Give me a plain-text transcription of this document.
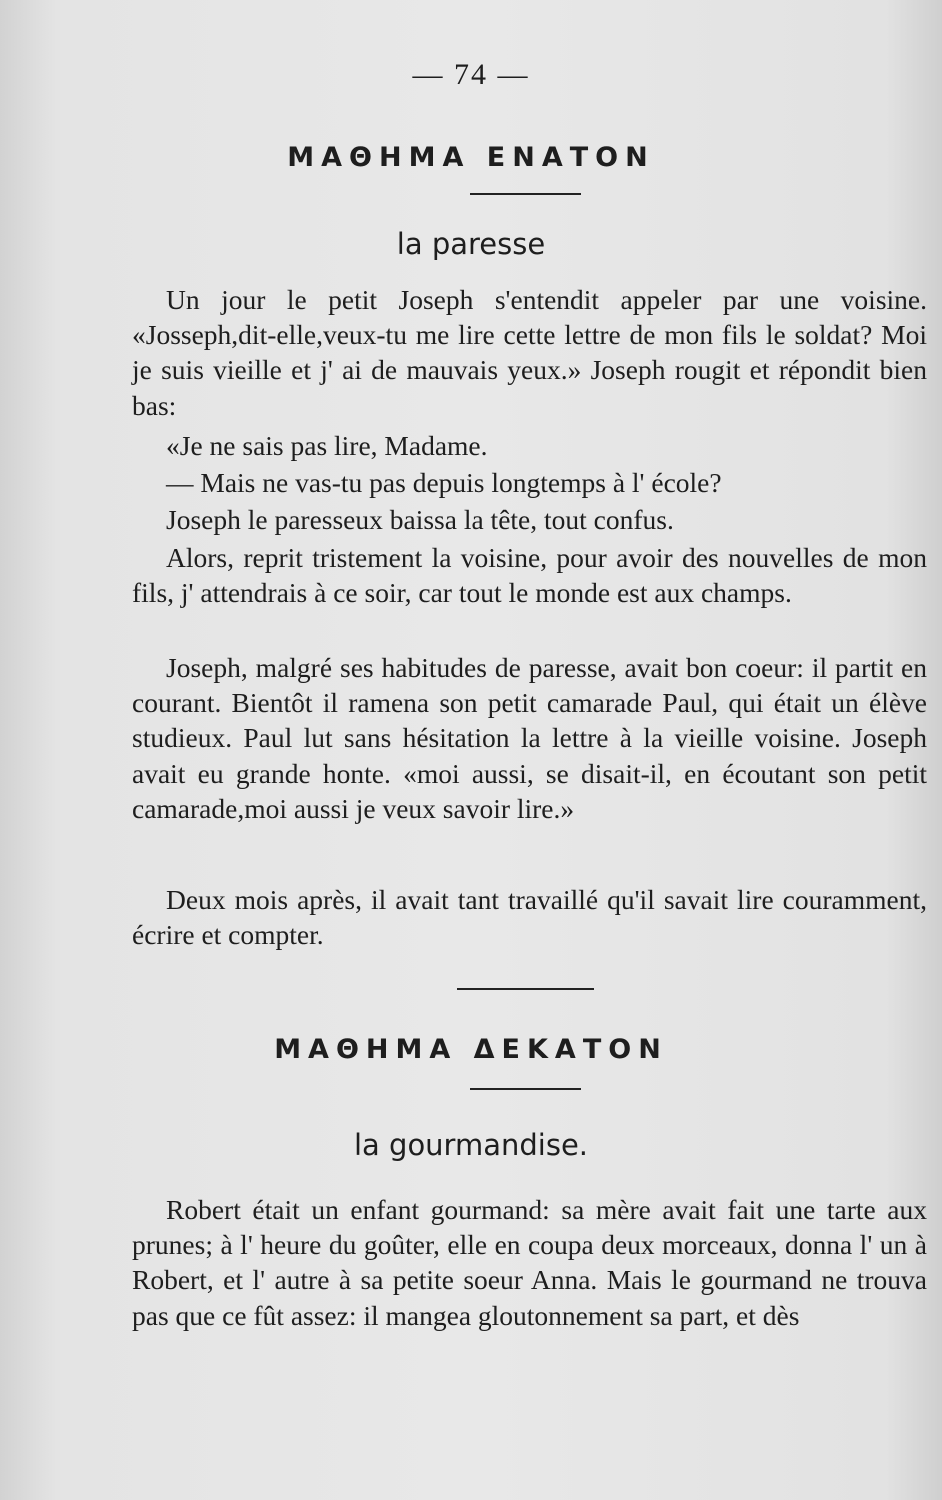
— 74 —
ΜΑΘΗΜΑ ΕΝΑΤΟΝ
la paresse

Un jour le petit Joseph s'entendit appeler par une voisine. «Josseph,dit-elle,veux-tu me lire cette lettre de mon fils le soldat? Moi je suis vieille et j' ai de mauvais yeux.» Joseph rougit et répondit bien bas:

«Je ne sais pas lire, Madame.

— Mais ne vas-tu pas depuis longtemps à l' école?

Joseph le paresseux baissa la tête, tout confus.

Alors, reprit tristement la voisine, pour avoir des nouvelles de mon fils, j' attendrais à ce soir, car tout le monde est aux champs.

Joseph, malgré ses habitudes de paresse, avait bon coeur: il partit en courant. Bientôt il ramena son petit camarade Paul, qui était un élève studieux. Paul lut sans hésitation la lettre à la vieille voisine. Joseph avait eu grande honte. «moi aussi, se disait-il, en écoutant son petit camarade,moi aussi je veux savoir lire.»

Deux mois après, il avait tant travaillé qu'il savait lire couramment, écrire et compter.

ΜΑΘΗΜΑ ΔΕΚΑΤΟΝ
la gourmandise.

Robert était un enfant gourmand: sa mère avait fait une tarte aux prunes; à l' heure du goûter, elle en coupa deux morceaux, donna l' un à Robert, et l' autre à sa petite soeur Anna. Mais le gourmand ne trouva pas que ce fût assez: il mangea gloutonnement sa part, et dès
